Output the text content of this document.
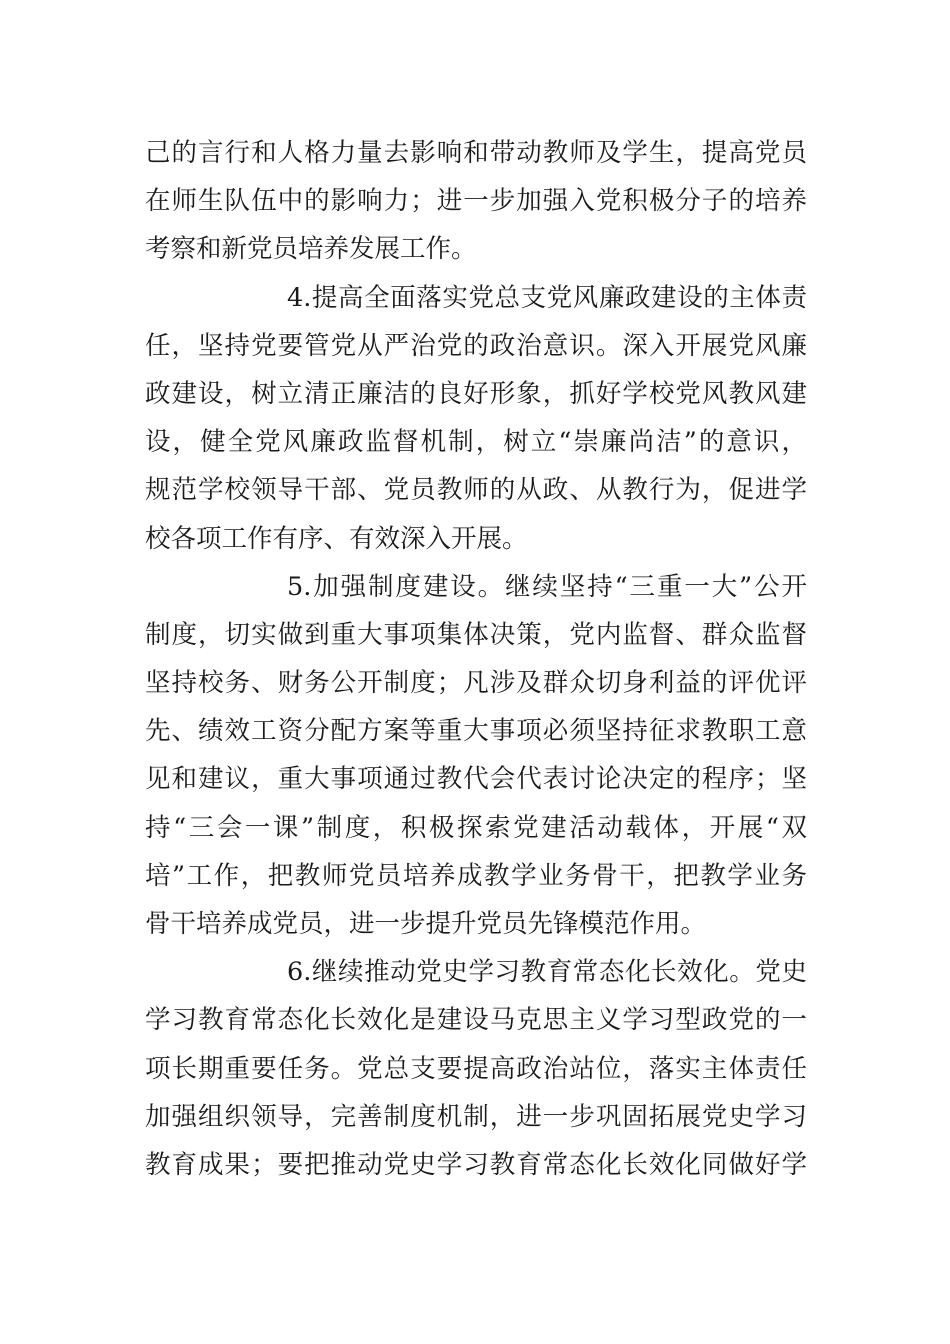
己的言行和人格力量去影响和带动教师及学生，提高党员
在师生队伍中的影响力；进一步加强入党积极分子的培养
考察和新党员培养发展工作。
4.提高全面落实党总支党风廉政建设的主体责
任，坚持党要管党从严治党的政治意识。深入开展党风廉
政建设，树立清正廉洁的良好形象，抓好学校党风教风建
设，健全党风廉政监督机制，树立“崇廉尚洁”的意识，
规范学校领导干部、党员教师的从政、从教行为，促进学
校各项工作有序、有效深入开展。
5.加强制度建设。继续坚持“三重一大”公开
制度，切实做到重大事项集体决策，党内监督、群众监督
坚持校务、财务公开制度；凡涉及群众切身利益的评优评
先、绩效工资分配方案等重大事项必须坚持征求教职工意
见和建议，重大事项通过教代会代表讨论决定的程序；坚
持“三会一课”制度，积极探索党建活动载体，开展“双
培”工作，把教师党员培养成教学业务骨干，把教学业务
骨干培养成党员，进一步提升党员先锋模范作用。
6.继续推动党史学习教育常态化长效化。党史
学习教育常态化长效化是建设马克思主义学习型政党的一
项长期重要任务。党总支要提高政治站位，落实主体责任
加强组织领导，完善制度机制，进一步巩固拓展党史学习
教育成果；要把推动党史学习教育常态化长效化同做好学
